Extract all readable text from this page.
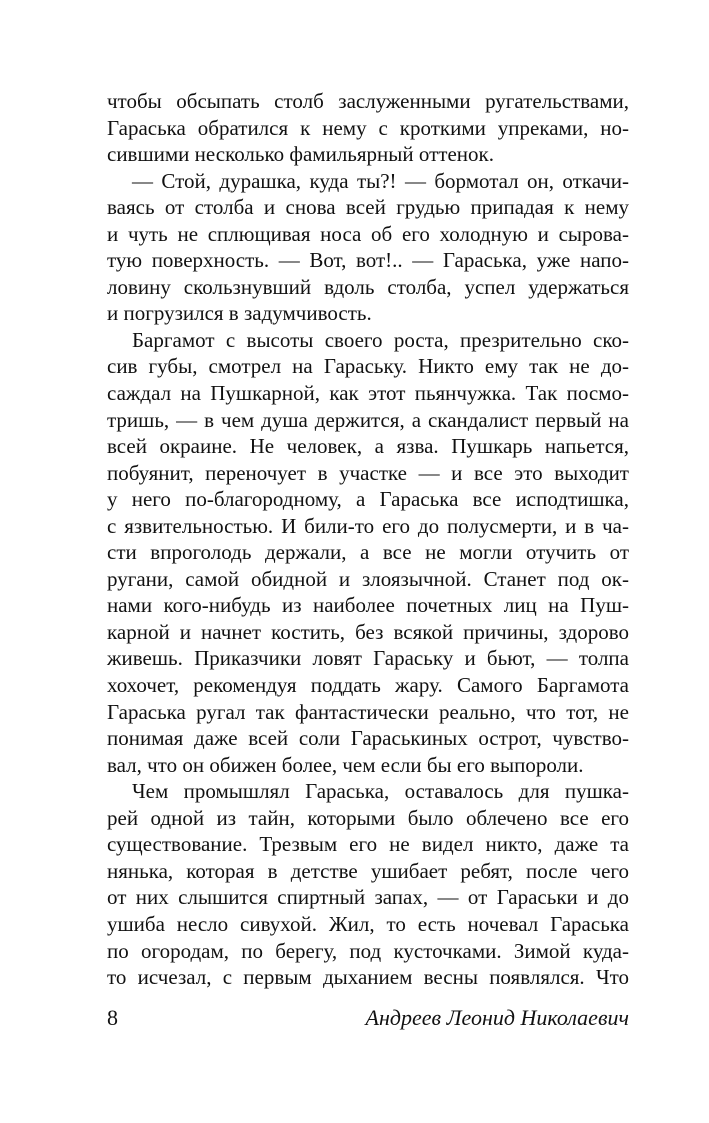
чтобы обсыпать столб заслуженными ругательствами,
Гараська обратился к нему с кроткими упреками, но-
сившими несколько фамильярный оттенок.
— Стой, дурашка, куда ты?! — бормотал он, откачи-
ваясь от столба и снова всей грудью припадая к нему
и чуть не сплющивая носа об его холодную и сырова-
тую поверхность. — Вот, вот!.. — Гараська, уже напо-
ловину скользнувший вдоль столба, успел удержаться
и погрузился в задумчивость.
Баргамот с высоты своего роста, презрительно ско-
сив губы, смотрел на Гараську. Никто ему так не до-
саждал на Пушкарной, как этот пьянчужка. Так посмо-
тришь, — в чем душа держится, а скандалист первый на
всей окраине. Не человек, а язва. Пушкарь напьется,
побуянит, переночует в участке — и все это выходит
у него по-благородному, а Гараська все исподтишка,
с язвительностью. И били-то его до полусмерти, и в ча-
сти впроголодь держали, а все не могли отучить от
ругани, самой обидной и злоязычной. Станет под ок-
нами кого-нибудь из наиболее почетных лиц на Пуш-
карной и начнет костить, без всякой причины, здорово
живешь. Приказчики ловят Гараську и бьют, — толпа
хохочет, рекомендуя поддать жару. Самого Баргамота
Гараська ругал так фантастически реально, что тот, не
понимая даже всей соли Гараськиных острот, чувство-
вал, что он обижен более, чем если бы его выпороли.
Чем промышлял Гараська, оставалось для пушка-
рей одной из тайн, которыми было облечено все его
существование. Трезвым его не видел никто, даже та
нянька, которая в детстве ушибает ребят, после чего
от них слышится спиртный запах, — от Гараськи и до
ушиба несло сивухой. Жил, то есть ночевал Гараська
по огородам, по берегу, под кусточками. Зимой куда-
то исчезал, с первым дыханием весны появлялся. Что
8	Андреев Леонид Николаевич
